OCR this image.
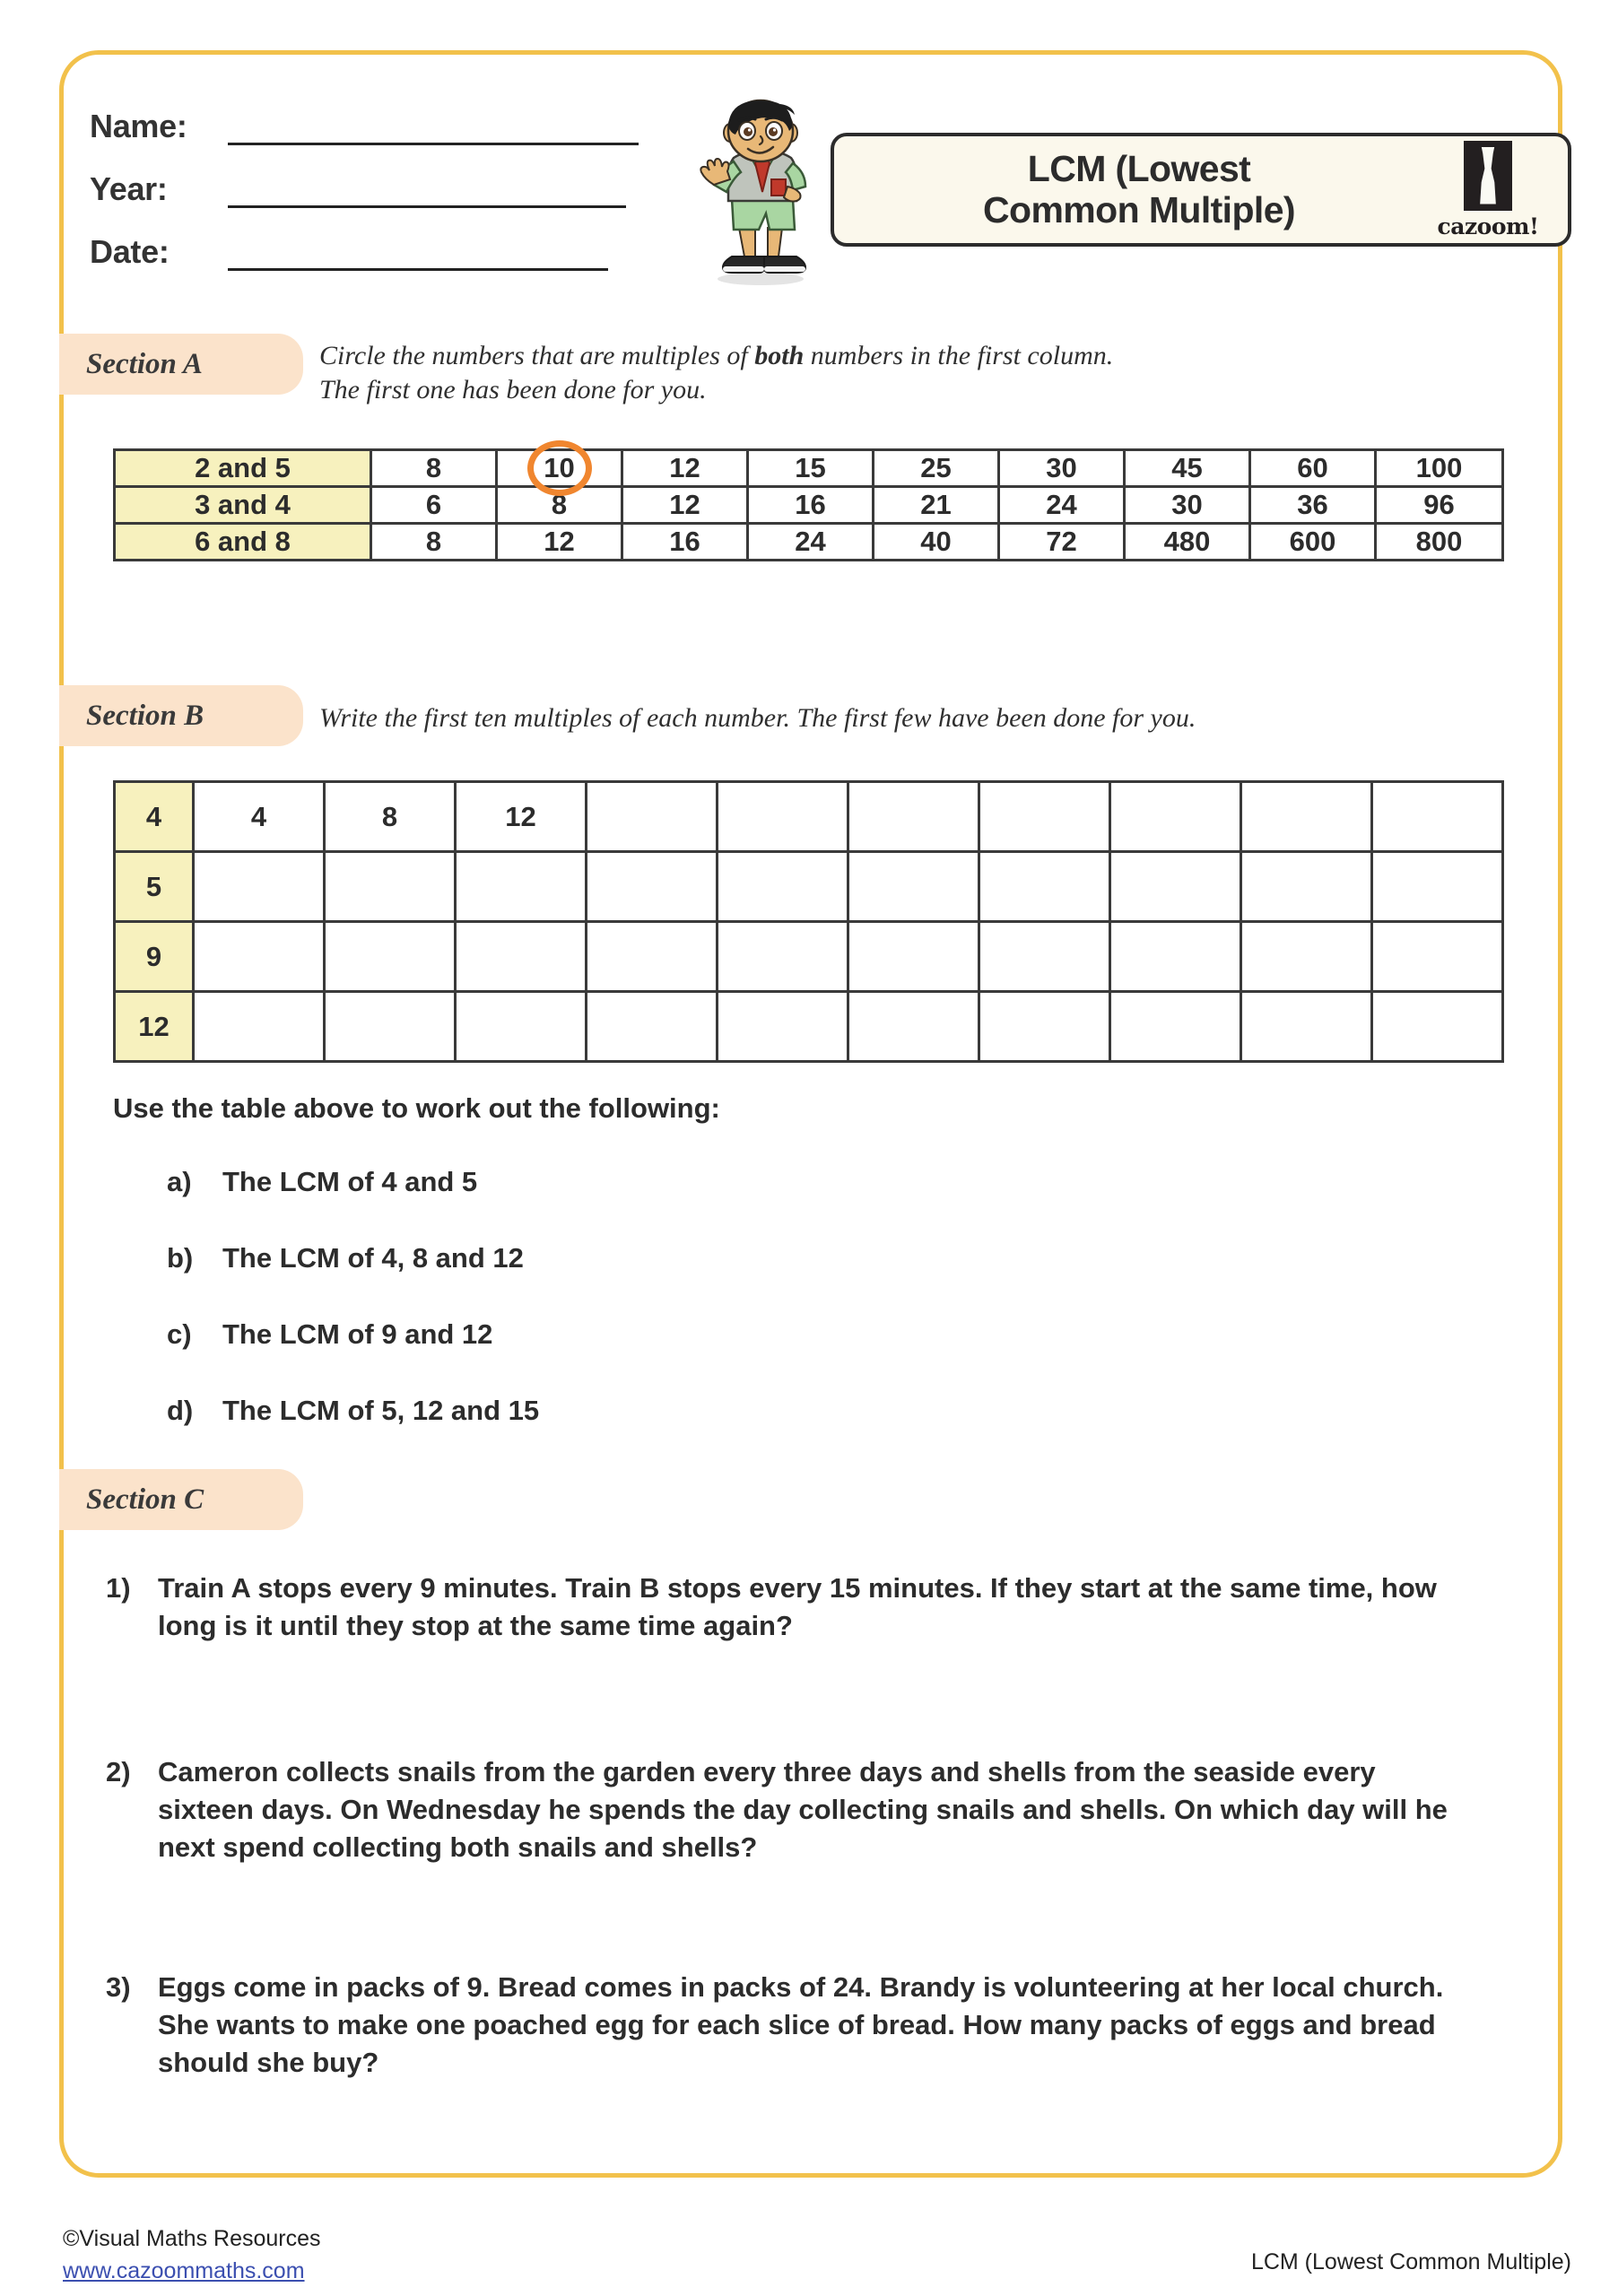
Name:
Year:
Date:
LCM (Lowest
Common Multiple)	cazoom!
Section A	Circle the numbers that are multiples of both numbers in the first column.
The first one has been done for you.
2 and 5	8	10	12	15	25	30	45	60	100
3 and 4	6	8	12	16	21	24	30	36	96
6 and 8	8	12	16	24	40	72	480	600	800
Section B	Write the first ten multiples of each number. The first few have been done for you.
4	4	8	12							
5										
9										
12										
Use the table above to work out the following:
a)	The LCM of 4 and 5
b)	The LCM of 4, 8 and 12
c)	The LCM of 9 and 12
d)	The LCM of 5, 12 and 15
Section C
1) Train A stops every 9 minutes. Train B stops every 15 minutes. If they start at the same time, how long is it until they stop at the same time again?
2) Cameron collects snails from the garden every three days and shells from the seaside every sixteen days. On Wednesday he spends the day collecting snails and shells. On which day will he next spend collecting both snails and shells?
3) Eggs come in packs of 9. Bread comes in packs of 24. Brandy is volunteering at her local church. She wants to make one poached egg for each slice of bread. How many packs of eggs and bread should she buy?
©Visual Maths Resources
www.cazoommaths.com	LCM (Lowest Common Multiple)
